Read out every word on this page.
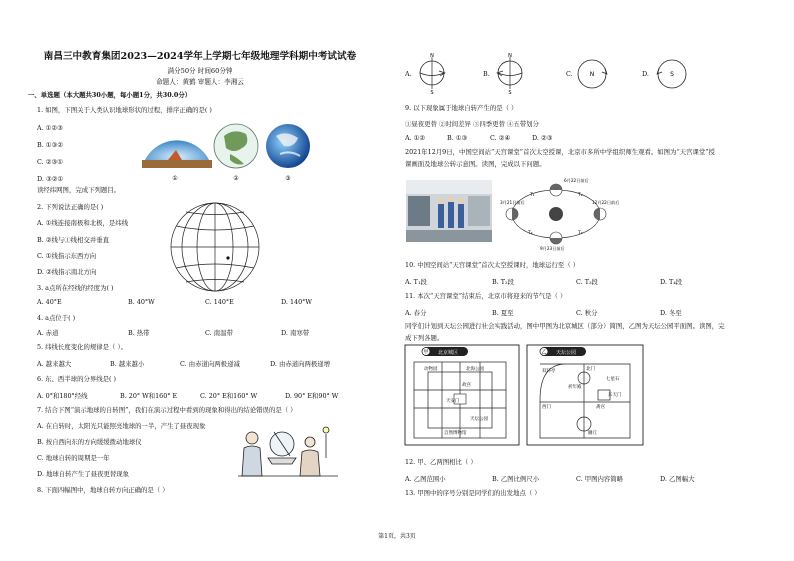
南昌三中教育集团2023—2024学年上学期七年级地理学科期中考试试卷
满分50分 时间60分钟
命题人：黄鹤 审题人：李湘云
一、单选题（本大题共30小题，每小题1分，共30.0分）
1. 如图，下图关于人类认识地球形状的过程，排序正确的是( )
A. ①②③
B. ①③②
C. ②③①
D. ③②①	①	②	③
读经纬网图，完成下列题目。
2. 下列说法正确的是( )
A. ①线连接南极和北极，是纬线
B. ②线与①线相交并垂直
C. ①线指示东西方向
D. ②线指示南北方向
3. a点所在经线的经度为( )
A. 40°E	B. 40°W	C. 140°E	D. 140°W
4. a点位于( )
A. 赤道	B. 热带	C. 南温带	D. 南寒带
5. 纬线长度变化的规律是（ ）。
A. 越来越大	B. 越来越小	C. 由赤道向两极递减	D. 由赤道向两极递增
6. 东、西半球的分界线是( )
A. 0°和180°经线	B. 20° W和160° E	C. 20° E和160° W	D. 90° E和90° W
7. 结合下图“演示地球的自转图”，我们在演示过程中看到的现象和得出的结论错误的是（ ）
A. 在自转时，太阳光只能照亮地球的一半，产生了昼夜现象
B. 按自西向东的方向缓缓拨动地球仪
C. 地球自转的周期是一年
D. 地球自转产生了昼夜更替现象
8. 下面四幅图中，地球自转方向正确的是（ ）
A.
N
S
B.
N
S
C.	N	D.	S
9. 以下现象属于地球自转产生的是（ ）
①昼夜更替 ②时间差异 ③四季更替 ④五带划分
A. ①②	B. ①③	C. ②④	D. ②③
2021年12月9日，中国空间站“天宫课堂”首次太空授课，北京市多所中学组织师生观看。如图为“天宫课堂”授
课画面及地球公转示意图。读图，完成以下问题。
6月22日前后
3月21日前后	12月22日前后
9月23日前后
T₁	T₂
T₃
T₄
10. 中国空间站“天宫课堂”首次太空授课时，地球运行至（ ）
A. T₁段	B. T₂段	C. T₃段	D. T₄段
11. 本次“天宫课堂”结束后，北京市将迎来的节气是（ ）
A. 春分	B. 夏至	C. 秋分	D. 冬至
同学们计划到天坛公园进行社会实践活动，图中甲图为北京城区（部分）简图，乙图为天坛公园平面图。读图，完
成下列各题。
甲 北京城区
动物园	北海公园
天安门
天坛公园
自然博物馆
故宫
乙 天坛公园
双环亭
祈年殿
北门
七星石
斋宫
东天门
圜丘
西门
12. 甲、乙两图相比（ ）
A. 乙图范围小	B. 乙图比例尺小	C. 甲图内容简略	D. 乙图幅大
13. 甲图中的序号分别是同学们的出发地点（ ）
第1页，共3页
